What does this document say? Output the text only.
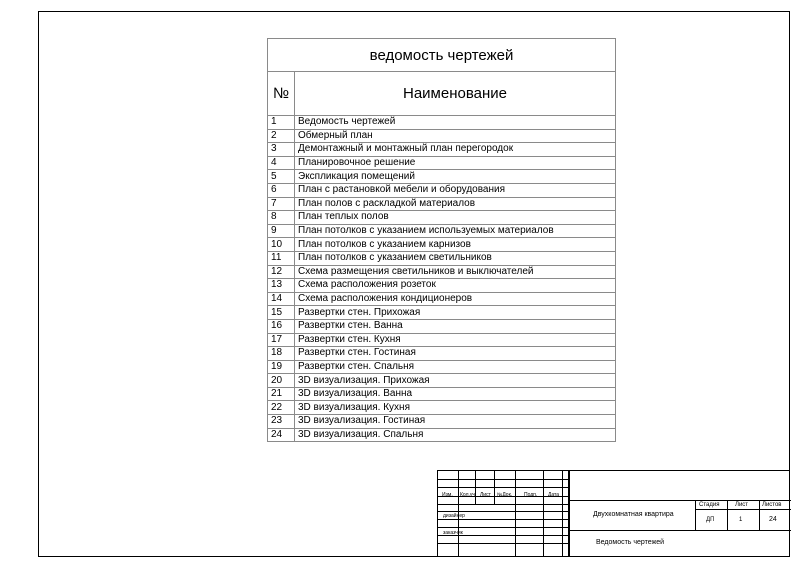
ведомость чертежей	
№	Наименование
1	Ведомость чертежей
2	Обмерный план
3	Демонтажный и монтажный план перегородок
4	Планировочное решение
5	Экспликация помещений
6	План с растановкой мебели и оборудования
7	План полов с раскладкой материалов
8	План теплых полов
9	План потолков с указанием используемых материалов
10	План потолков с указанием карнизов
11	План потолков с указанием светильников
12	Схема размещения светильников и выключателей
13	Схема расположения розеток
14	Схема расположения кондиционеров
15	Развертки стен. Прихожая
16	Развертки стен. Ванна
17	Развертки стен. Кухня
18	Развертки стен. Гостиная
19	Развертки стен. Спальня
20	3D визуализация. Прихожая
21	3D визуализация. Ванна
22	3D визуализация. Кухня
23	3D визуализация. Гостиная
24	3D визуализация. Спальня
Изм. Кол.уч Лист №Док. Подп. Дата
дизайнер
заказчик
Двухкомнатная квартира
Ведомость чертежей
Стадия	Лист Листов
ДП	1	24
